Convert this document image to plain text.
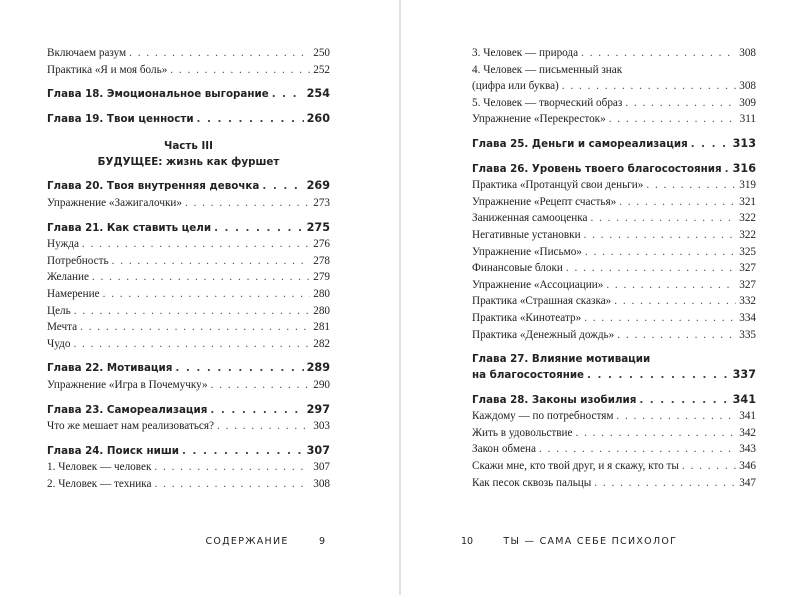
Включаем разум . . .	250
Практика «Я и моя боль» . . .	252
Глава 18. Эмоциональное выгорание . . .	254
Глава 19. Твои ценности . . .	260
Часть III
БУДУЩЕЕ: жизнь как фуршет
Глава 20. Твоя внутренняя девочка . . .	269
Упражнение «Зажигалочки» . . .	273
Глава 21. Как ставить цели . . .	275
Нужда . . .	276
Потребность . . .	278
Желание . . .	279
Намерение . . .	280
Цель . . .	280
Мечта . . .	281
Чудо . . .	282
Глава 22. Мотивация . . .	289
Упражнение «Игра в Почемучку» . . .	290
Глава 23. Самореализация . . .	297
Что же мешает нам реализоваться? . . .	303
Глава 24. Поиск ниши . . .	307
1. Человек — человек . . .	307
2. Человек — техника . . .	308
СОДЕРЖАНИЕ	9
3. Человек — природа . . .	308
4. Человек — письменный знак
(цифра или буква) . . .	308
5. Человек — творческий образ . . .	309
Упражнение «Перекресток» . . .	311
Глава 25. Деньги и самореализация . . .	313
Глава 26. Уровень твоего благосостояния . . . 316
Практика «Протанцуй свои деньги» . . .	319
Упражнение «Рецепт счастья» . . .	321
Заниженная самооценка . . .	322
Негативные установки . . .	322
Упражнение «Письмо» . . .	325
Финансовые блоки . . .	327
Упражнение «Ассоциации» . . .	327
Практика «Страшная сказка» . . .	332
Практика «Кинотеатр» . . .	334
Практика «Денежный дождь» . . .	335
Глава 27. Влияние мотивации
на благосостояние . . .	337
Глава 28. Законы изобилия . . .	341
Каждому — по потребностям . . .	341
Жить в удовольствие . . .	342
Закон обмена . . .	343
Скажи мне, кто твой друг, и я скажу, кто ты . . .	346
Как песок сквозь пальцы . . .	347
10	ТЫ — САМА СЕБЕ ПСИХОЛОГ
